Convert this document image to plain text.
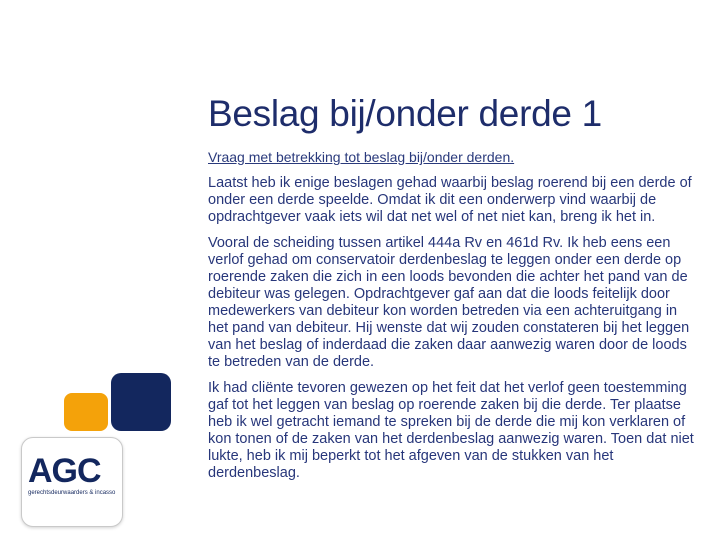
AGC
gerechtsdeurwaarders & incasso
Beslag bij/onder derde 1
Vraag met betrekking tot beslag bij/onder derden.

Laatst heb ik enige beslagen gehad waarbij beslag roerend bij een derde of onder een derde speelde. Omdat ik dit een onderwerp vind waarbij de opdrachtgever vaak iets wil dat net wel of net niet kan, breng ik het in.

Vooral de scheiding tussen artikel 444a Rv en 461d Rv. Ik heb eens een verlof gehad om conservatoir derdenbeslag te leggen onder een derde op roerende zaken die zich in een loods bevonden die achter het pand van de debiteur was gelegen. Opdrachtgever gaf aan dat die loods feitelijk door medewerkers van debiteur kon worden betreden via een achteruitgang in het pand van debiteur. Hij wenste dat wij zouden constateren bij het leggen van het beslag of inderdaad die zaken daar aanwezig waren door de loods te betreden van de derde.

Ik had cliënte tevoren gewezen op het feit dat het verlof geen toestemming gaf tot het leggen van beslag op roerende zaken bij die derde. Ter plaatse heb ik wel getracht iemand te spreken bij de derde die mij kon verklaren of kon tonen of de zaken van het derdenbeslag aanwezig waren. Toen dat niet lukte, heb ik mij beperkt tot het afgeven van de stukken van het derdenbeslag.
